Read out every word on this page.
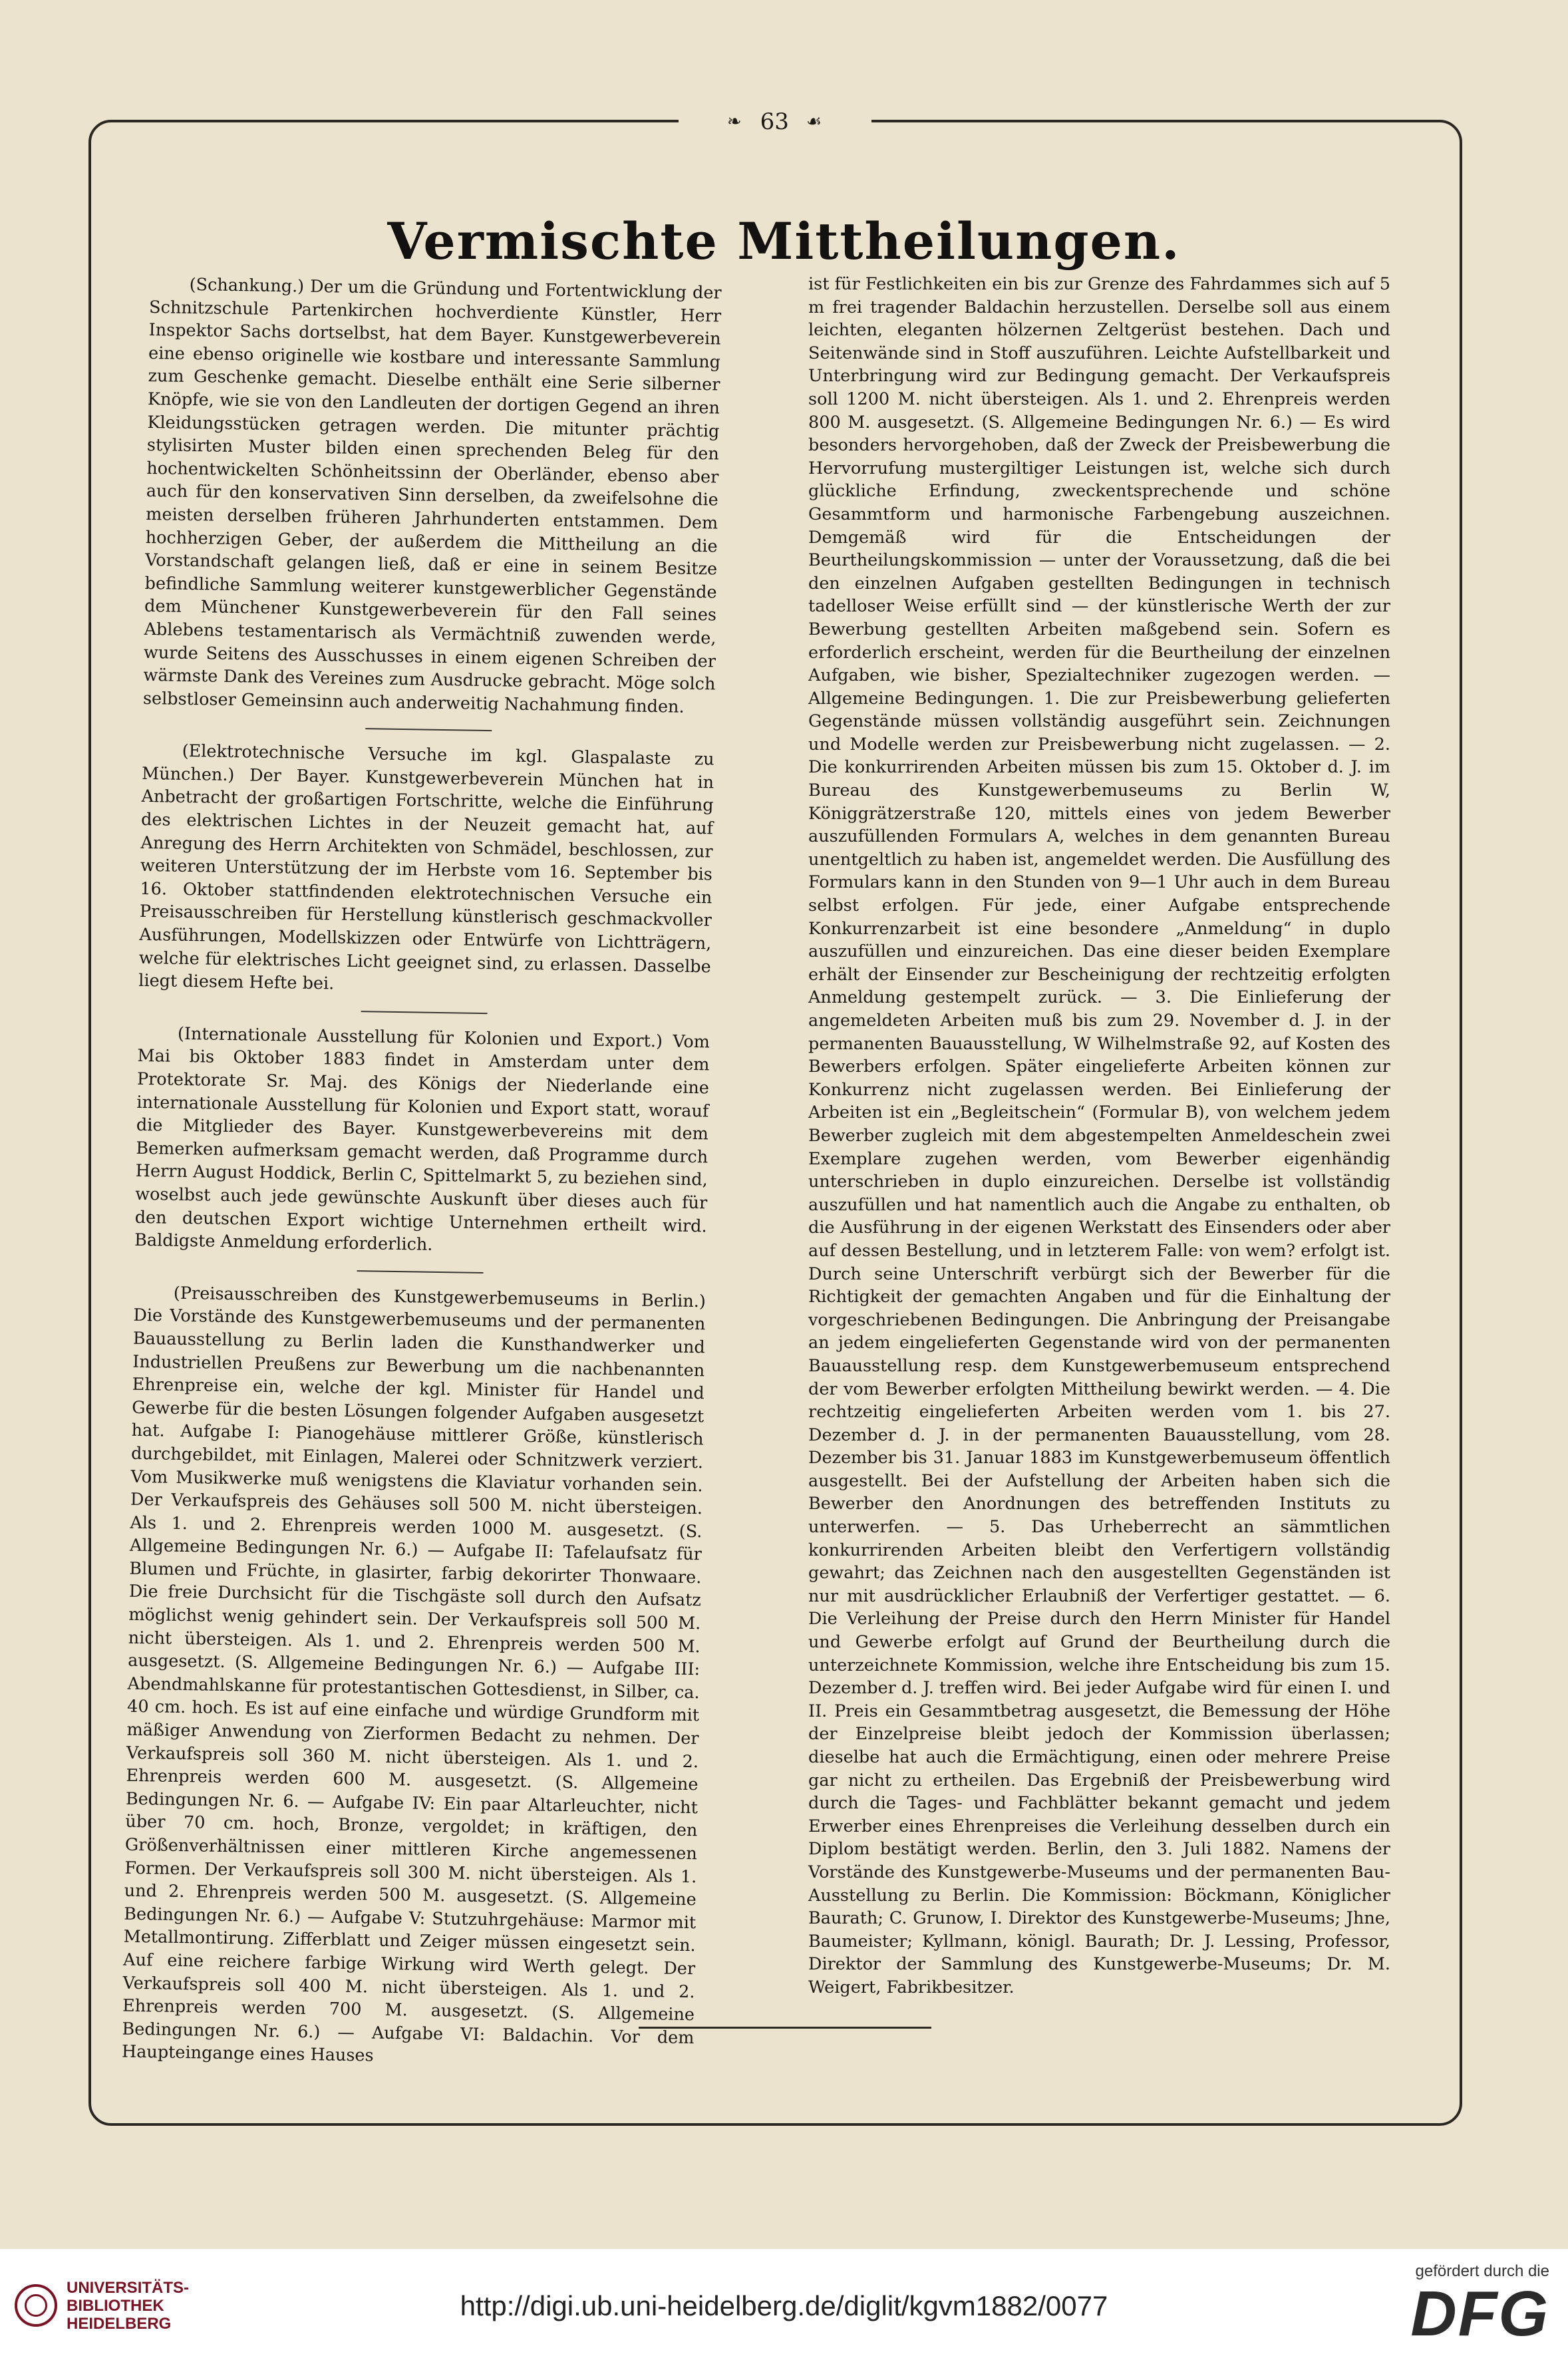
❧ 63 ☙
Vermischte Mittheilungen.

(Schankung.) Der um die Gründung und Fortentwicklung der Schnitzschule Partenkirchen hochverdiente Künstler, Herr Inspektor Sachs dortselbst, hat dem Bayer. Kunstgewerbeverein eine ebenso originelle wie kostbare und interessante Sammlung zum Geschenke gemacht. Dieselbe enthält eine Serie silberner Knöpfe, wie sie von den Landleuten der dortigen Gegend an ihren Kleidungsstücken getragen werden. Die mitunter prächtig stylisirten Muster bilden einen sprechenden Beleg für den hochentwickelten Schönheitssinn der Oberländer, ebenso aber auch für den konservativen Sinn derselben, da zweifelsohne die meisten derselben früheren Jahrhunderten entstammen. Dem hochherzigen Geber, der außerdem die Mittheilung an die Vorstandschaft gelangen ließ, daß er eine in seinem Besitze befindliche Sammlung weiterer kunstgewerblicher Gegenstände dem Münchener Kunstgewerbeverein für den Fall seines Ablebens testamentarisch als Vermächtniß zuwenden werde, wurde Seitens des Ausschusses in einem eigenen Schreiben der wärmste Dank des Vereines zum Ausdrucke gebracht. Möge solch selbstloser Gemeinsinn auch anderweitig Nachahmung finden.

(Elektrotechnische Versuche im kgl. Glaspalaste zu München.) Der Bayer. Kunstgewerbeverein München hat in Anbetracht der großartigen Fortschritte, welche die Einführung des elektrischen Lichtes in der Neuzeit gemacht hat, auf Anregung des Herrn Architekten von Schmädel, beschlossen, zur weiteren Unterstützung der im Herbste vom 16. September bis 16. Oktober stattfindenden elektrotechnischen Versuche ein Preisausschreiben für Herstellung künstlerisch geschmackvoller Ausführungen, Modellskizzen oder Entwürfe von Lichtträgern, welche für elektrisches Licht geeignet sind, zu erlassen. Dasselbe liegt diesem Hefte bei.

(Internationale Ausstellung für Kolonien und Export.) Vom Mai bis Oktober 1883 findet in Amsterdam unter dem Protektorate Sr. Maj. des Königs der Niederlande eine internationale Ausstellung für Kolonien und Export statt, worauf die Mitglieder des Bayer. Kunstgewerbevereins mit dem Bemerken aufmerksam gemacht werden, daß Programme durch Herrn August Hoddick, Berlin C, Spittelmarkt 5, zu beziehen sind, woselbst auch jede gewünschte Auskunft über dieses auch für den deutschen Export wichtige Unternehmen ertheilt wird. Baldigste Anmeldung erforderlich.

(Preisausschreiben des Kunstgewerbemuseums in Berlin.) Die Vorstände des Kunstgewerbemuseums und der permanenten Bauausstellung zu Berlin laden die Kunsthandwerker und Industriellen Preußens zur Bewerbung um die nachbenannten Ehrenpreise ein, welche der kgl. Minister für Handel und Gewerbe für die besten Lösungen folgender Aufgaben ausgesetzt hat. Aufgabe I: Pianogehäuse mittlerer Größe, künstlerisch durchgebildet, mit Einlagen, Malerei oder Schnitzwerk verziert. Vom Musikwerke muß wenigstens die Klaviatur vorhanden sein. Der Verkaufspreis des Gehäuses soll 500 M. nicht übersteigen. Als 1. und 2. Ehrenpreis werden 1000 M. ausgesetzt. (S. Allgemeine Bedingungen Nr. 6.) — Aufgabe II: Tafelaufsatz für Blumen und Früchte, in glasirter, farbig dekorirter Thonwaare. Die freie Durchsicht für die Tischgäste soll durch den Aufsatz möglichst wenig gehindert sein. Der Verkaufspreis soll 500 M. nicht übersteigen. Als 1. und 2. Ehrenpreis werden 500 M. ausgesetzt. (S. Allgemeine Bedingungen Nr. 6.) — Aufgabe III: Abendmahlskanne für protestantischen Gottesdienst, in Silber, ca. 40 cm. hoch. Es ist auf eine einfache und würdige Grundform mit mäßiger Anwendung von Zierformen Bedacht zu nehmen. Der Verkaufspreis soll 360 M. nicht übersteigen. Als 1. und 2. Ehrenpreis werden 600 M. ausgesetzt. (S. Allgemeine Bedingungen Nr. 6. — Aufgabe IV: Ein paar Altarleuchter, nicht über 70 cm. hoch, Bronze, vergoldet; in kräftigen, den Größenverhältnissen einer mittleren Kirche angemessenen Formen. Der Verkaufspreis soll 300 M. nicht übersteigen. Als 1. und 2. Ehrenpreis werden 500 M. ausgesetzt. (S. Allgemeine Bedingungen Nr. 6.) — Aufgabe V: Stutzuhrgehäuse: Marmor mit Metallmontirung. Zifferblatt und Zeiger müssen eingesetzt sein. Auf eine reichere farbige Wirkung wird Werth gelegt. Der Verkaufspreis soll 400 M. nicht übersteigen. Als 1. und 2. Ehrenpreis werden 700 M. ausgesetzt. (S. Allgemeine Bedingungen Nr. 6.) — Aufgabe VI: Baldachin. Vor dem Haupteingange eines Hauses

ist für Festlichkeiten ein bis zur Grenze des Fahrdammes sich auf 5 m frei tragender Baldachin herzustellen. Derselbe soll aus einem leichten, eleganten hölzernen Zeltgerüst bestehen. Dach und Seitenwände sind in Stoff auszuführen. Leichte Aufstellbarkeit und Unterbringung wird zur Bedingung gemacht. Der Verkaufspreis soll 1200 M. nicht übersteigen. Als 1. und 2. Ehrenpreis werden 800 M. ausgesetzt. (S. Allgemeine Bedingungen Nr. 6.) — Es wird besonders hervorgehoben, daß der Zweck der Preisbewerbung die Hervorrufung mustergiltiger Leistungen ist, welche sich durch glückliche Erfindung, zweckentsprechende und schöne Gesammtform und harmonische Farbengebung auszeichnen. Demgemäß wird für die Entscheidungen der Beurtheilungskommission — unter der Voraussetzung, daß die bei den einzelnen Aufgaben gestellten Bedingungen in technisch tadelloser Weise erfüllt sind — der künstlerische Werth der zur Bewerbung gestellten Arbeiten maßgebend sein. Sofern es erforderlich erscheint, werden für die Beurtheilung der einzelnen Aufgaben, wie bisher, Spezialtechniker zugezogen werden. — Allgemeine Bedingungen. 1. Die zur Preisbewerbung gelieferten Gegenstände müssen vollständig ausgeführt sein. Zeichnungen und Modelle werden zur Preisbewerbung nicht zugelassen. — 2. Die konkurrirenden Arbeiten müssen bis zum 15. Oktober d. J. im Bureau des Kunstgewerbemuseums zu Berlin W, Königgrätzerstraße 120, mittels eines von jedem Bewerber auszufüllenden Formulars A, welches in dem genannten Bureau unentgeltlich zu haben ist, angemeldet werden. Die Ausfüllung des Formulars kann in den Stunden von 9—1 Uhr auch in dem Bureau selbst erfolgen. Für jede, einer Aufgabe entsprechende Konkurrenzarbeit ist eine besondere „Anmeldung“ in duplo auszufüllen und einzureichen. Das eine dieser beiden Exemplare erhält der Einsender zur Bescheinigung der rechtzeitig erfolgten Anmeldung gestempelt zurück. — 3. Die Einlieferung der angemeldeten Arbeiten muß bis zum 29. November d. J. in der permanenten Bauausstellung, W Wilhelmstraße 92, auf Kosten des Bewerbers erfolgen. Später eingelieferte Arbeiten können zur Konkurrenz nicht zugelassen werden. Bei Einlieferung der Arbeiten ist ein „Begleitschein“ (Formular B), von welchem jedem Bewerber zugleich mit dem abgestempelten Anmeldeschein zwei Exemplare zugehen werden, vom Bewerber eigenhändig unterschrieben in duplo einzureichen. Derselbe ist vollständig auszufüllen und hat namentlich auch die Angabe zu enthalten, ob die Ausführung in der eigenen Werkstatt des Einsenders oder aber auf dessen Bestellung, und in letzterem Falle: von wem? erfolgt ist. Durch seine Unterschrift verbürgt sich der Bewerber für die Richtigkeit der gemachten Angaben und für die Einhaltung der vorgeschriebenen Bedingungen. Die Anbringung der Preisangabe an jedem eingelieferten Gegenstande wird von der permanenten Bauausstellung resp. dem Kunstgewerbemuseum entsprechend der vom Bewerber erfolgten Mittheilung bewirkt werden. — 4. Die rechtzeitig eingelieferten Arbeiten werden vom 1. bis 27. Dezember d. J. in der permanenten Bauausstellung, vom 28. Dezember bis 31. Januar 1883 im Kunstgewerbemuseum öffentlich ausgestellt. Bei der Aufstellung der Arbeiten haben sich die Bewerber den Anordnungen des betreffenden Instituts zu unterwerfen. — 5. Das Urheberrecht an sämmtlichen konkurrirenden Arbeiten bleibt den Verfertigern vollständig gewahrt; das Zeichnen nach den ausgestellten Gegenständen ist nur mit ausdrücklicher Erlaubniß der Verfertiger gestattet. — 6. Die Verleihung der Preise durch den Herrn Minister für Handel und Gewerbe erfolgt auf Grund der Beurtheilung durch die unterzeichnete Kommission, welche ihre Entscheidung bis zum 15. Dezember d. J. treffen wird. Bei jeder Aufgabe wird für einen I. und II. Preis ein Gesammtbetrag ausgesetzt, die Bemessung der Höhe der Einzelpreise bleibt jedoch der Kommission überlassen; dieselbe hat auch die Ermächtigung, einen oder mehrere Preise gar nicht zu ertheilen. Das Ergebniß der Preisbewerbung wird durch die Tages- und Fachblätter bekannt gemacht und jedem Erwerber eines Ehrenpreises die Verleihung desselben durch ein Diplom bestätigt werden. Berlin, den 3. Juli 1882. Namens der Vorstände des Kunstgewerbe-Museums und der permanenten Bau-Ausstellung zu Berlin. Die Kommission: Böckmann, Königlicher Baurath; C. Grunow, I. Direktor des Kunstgewerbe-Museums; Jhne, Baumeister; Kyllmann, königl. Baurath; Dr. J. Lessing, Professor, Direktor der Sammlung des Kunstgewerbe-Museums; Dr. M. Weigert, Fabrikbesitzer.

UNIVERSITÄTS-
BIBLIOTHEK
HEIDELBERG
http://digi.ub.uni-heidelberg.de/diglit/kgvm1882/0077
gefördert durch die
DFG
